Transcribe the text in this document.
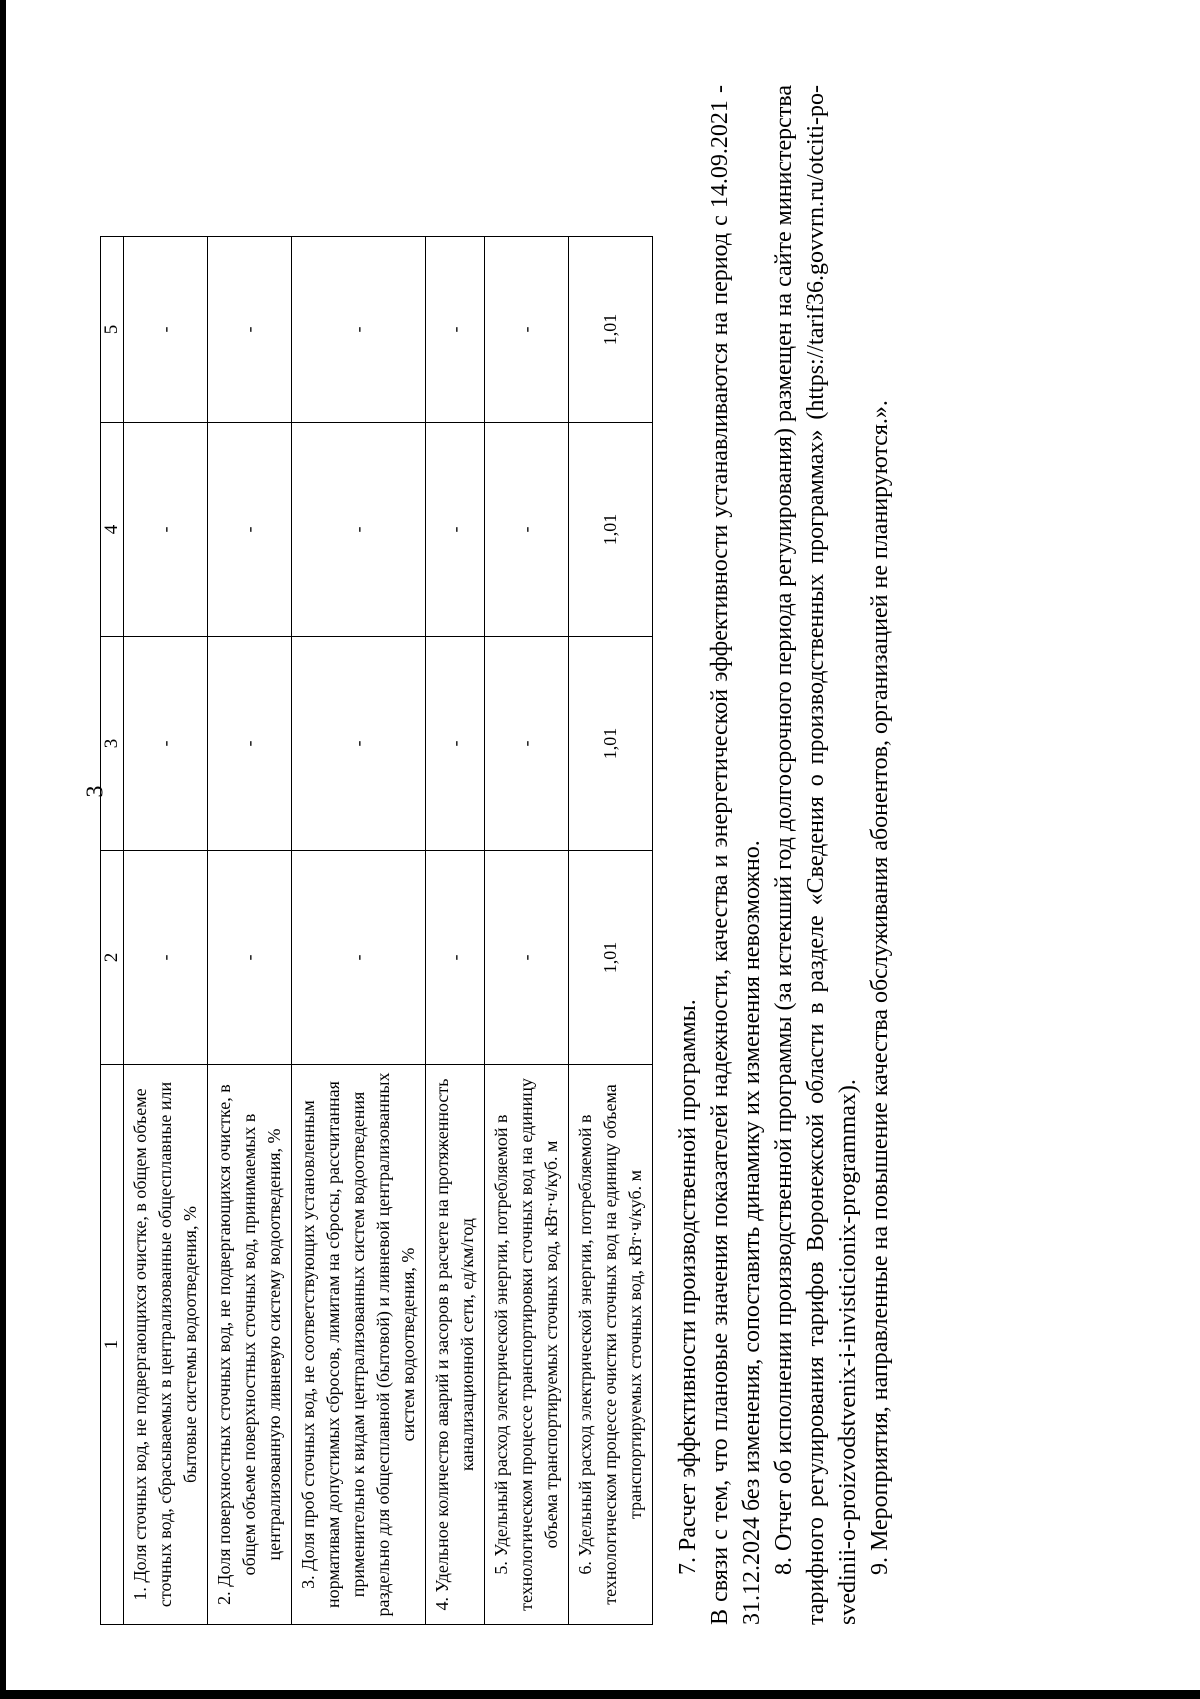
3
1	2	3	4	5
1. Доля сточных вод, не подвергающихся очистке, в общем объеме сточных вод, сбрасываемых в централизованные общесплавные или бытовые системы водоотведения, %	-	-	-	-
2. Доля поверхностных сточных вод, не подвергающихся очистке, в общем объеме поверхностных сточных вод, принимаемых в централизованную ливневую систему водоотведения, %	-	-	-	-
3. Доля проб сточных вод, не соответствующих установленным нормативам допустимых сбросов, лимитам на сбросы, рассчитанная применительно к видам централизованных систем водоотведения раздельно для общесплавной (бытовой) и ливневой централизованных систем водоотведения, %	-	-	-	-
4. Удельное количество аварий и засоров в расчете на протяженность канализационной сети, ед/км/год	-	-	-	-
5. Удельный расход электрической энергии, потребляемой в технологическом процессе транспортировки сточных вод на единицу объема транспортируемых сточных вод, кВт·ч/куб. м	-	-	-	-
6. Удельный расход электрической энергии, потребляемой в технологическом процессе очистки сточных вод на единицу объема транспортируемых сточных вод, кВт·ч/куб. м	1,01	1,01	1,01	1,01

7. Расчет эффективности производственной программы. В связи с тем, что плановые значения показателей надежности, качества и энергетической эффективности устанавливаются на период с 14.09.2021 - 31.12.2024 без изменения, сопоставить динамику их изменения невозможно. 8. Отчет об исполнении производственной программы (за истекший год долгосрочного периода регулирования) размещен на сайте министерства тарифного регулирования тарифов Воронежской области в разделе «Сведения о производственных программах» (https://tarif36.govvrn.ru/otciti-po-svedinii-o-proizvodstvenix-i-invisticionix-programmax). 9. Мероприятия, направленные на повышение качества обслуживания абонентов, организацией не планируются.».
